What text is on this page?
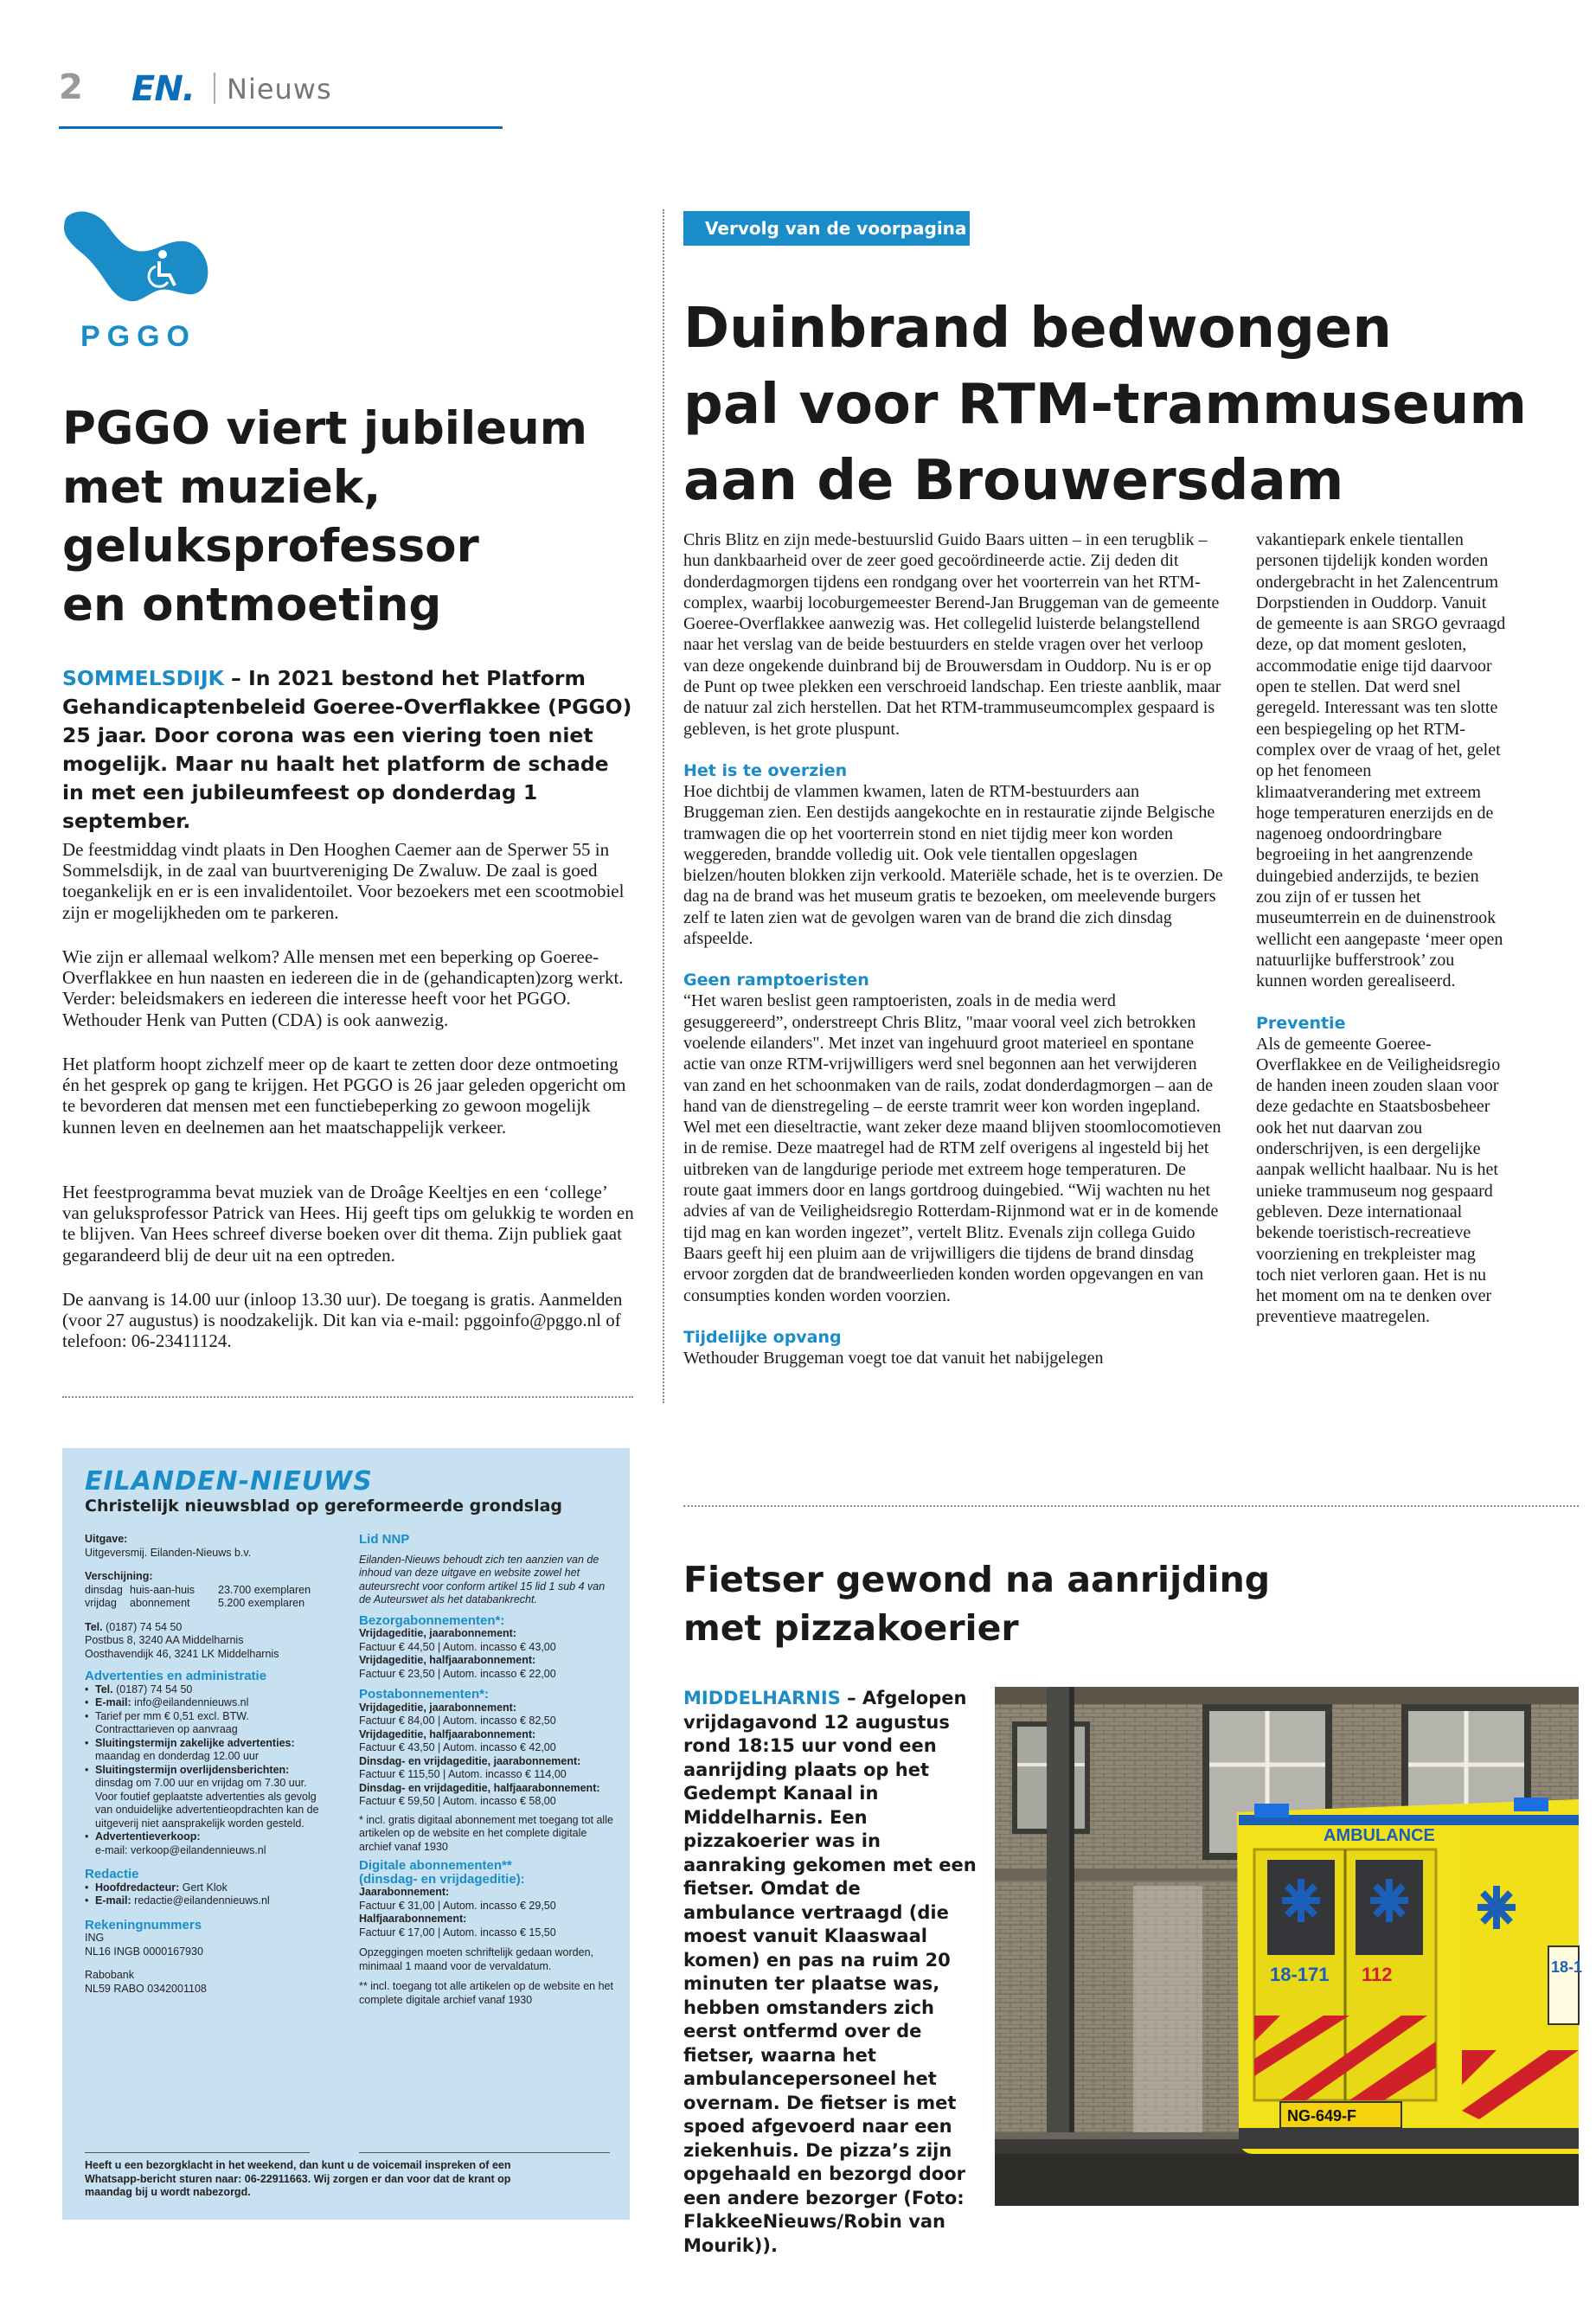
2 EN. Nieuws
PGGO
PGGO viert jubileum
met muziek,
geluksprofessor
en ontmoeting
SOMMELSDIJK – In 2021 bestond het Platform Gehandicaptenbeleid Goeree-Overflakkee (PGGO) 25 jaar. Door corona was een viering toen niet mogelijk. Maar nu haalt het platform de schade in met een jubileumfeest op donderdag 1 september.
De feestmiddag vindt plaats in Den Hooghen Caemer aan de Sperwer 55 in Sommelsdijk, in de zaal van buurtvereniging De Zwaluw. De zaal is goed toegankelijk en er is een invalidentoilet. Voor bezoekers met een scootmobiel zijn er mogelijkheden om te parkeren.
Wie zijn er allemaal welkom? Alle mensen met een beperking op Goeree-Overflakkee en hun naasten en iedereen die in de (gehandicapten)zorg werkt. Verder: beleidsmakers en iedereen die interesse heeft voor het PGGO. Wethouder Henk van Putten (CDA) is ook aanwezig.
Het platform hoopt zichzelf meer op de kaart te zetten door deze ontmoeting én het gesprek op gang te krijgen. Het PGGO is 26 jaar geleden opgericht om te bevorderen dat mensen met een functiebeperking zo gewoon mogelijk kunnen leven en deelnemen aan het maatschappelijk verkeer.
Het feestprogramma bevat muziek van de Droâge Keeltjes en een ‘college’ van geluksprofessor Patrick van Hees. Hij geeft tips om gelukkig te worden en te blijven. Van Hees schreef diverse boeken over dit thema. Zijn publiek gaat gegarandeerd blij de deur uit na een optreden.
De aanvang is 14.00 uur (inloop 13.30 uur). De toegang is gratis. Aanmelden (voor 27 augustus) is noodzakelijk. Dit kan via e-mail: pggoinfo@pggo.nl of telefoon: 06-23411124.
EILANDEN-NIEUWS
Christelijk nieuwsblad op gereformeerde grondslag
Uitgave:
Uitgeversmij. Eilanden-Nieuws b.v.
Verschijning:
dinsdag huis-aan-huis	23.700 exemplaren
vrijdag	abonnement	5.200 exemplaren
Tel. (0187) 74 54 50
Postbus 8, 3240 AA Middelharnis
Oosthavendijk 46, 3241 LK Middelharnis
Advertenties en administratie
• Tel. (0187) 74 54 50
• E-mail: info@eilandennieuws.nl
• Tarief per mm € 0,51 excl. BTW.
Contracttarieven op aanvraag
• Sluitingstermijn zakelijke advertenties:
maandag en donderdag 12.00 uur
• Sluitingstermijn overlijdensberichten:
dinsdag om 7.00 uur en vrijdag om 7.30 uur.
Voor foutief geplaatste advertenties als gevolg
van onduidelijke advertentieopdrachten kan de
uitgeverij niet aansprakelijk worden gesteld.
• Advertentieverkoop:
e-mail: verkoop@eilandennieuws.nl
Redactie
• Hoofdredacteur: Gert Klok
• E-mail: redactie@eilandennieuws.nl
Rekeningnummers
ING
NL16 INGB 0000167930
Rabobank
NL59 RABO 0342001108
Lid NNP
Eilanden-Nieuws behoudt zich ten aanzien van de inhoud van deze uitgave en website zowel het auteursrecht voor conform artikel 15 lid 1 sub 4 van de Auteurswet als het databankrecht.
Bezorgabonnementen*:
Vrijdageditie, jaarabonnement:
Factuur € 44,50 | Autom. incasso € 43,00
Vrijdageditie, halfjaarabonnement:
Factuur € 23,50 | Autom. incasso € 22,00
Postabonnementen*:
Vrijdageditie, jaarabonnement:
Factuur € 84,00 | Autom. incasso € 82,50
Vrijdageditie, halfjaarabonnement:
Factuur € 43,50 | Autom. incasso € 42,00
Dinsdag- en vrijdageditie, jaarabonnement:
Factuur € 115,50 | Autom. incasso € 114,00
Dinsdag- en vrijdageditie, halfjaarabonnement:
Factuur € 59,50 | Autom. incasso € 58,00
* incl. gratis digitaal abonnement met toegang tot alle artikelen op de website en het complete digitale archief vanaf 1930
Digitale abonnementen**
(dinsdag- en vrijdageditie):
Jaarabonnement:
Factuur € 31,00 | Autom. incasso € 29,50
Halfjaarabonnement:
Factuur € 17,00 | Autom. incasso € 15,50
Opzeggingen moeten schriftelijk gedaan worden, minimaal 1 maand voor de vervaldatum.
** incl. toegang tot alle artikelen op de website en het complete digitale archief vanaf 1930
Heeft u een bezorgklacht in het weekend, dan kunt u de voicemail inspreken of een Whatsapp-bericht sturen naar: 06-22911663. Wij zorgen er dan voor dat de krant op maandag bij u wordt nabezorgd.
Vervolg van de voorpagina
Duinbrand bedwongen
pal voor RTM-trammuseum
aan de Brouwersdam
Chris Blitz en zijn mede-bestuurslid Guido Baars uitten – in een terugblik – hun dankbaarheid over de zeer goed gecoördineerde actie. Zij deden dit donderdagmorgen tijdens een rondgang over het voorterrein van het RTM-complex, waarbij locoburgemeester Berend-Jan Bruggeman van de gemeente Goeree-Overflakkee aanwezig was. Het collegelid luisterde belangstellend naar het verslag van de beide bestuurders en stelde vragen over het verloop van deze ongekende duinbrand bij de Brouwersdam in Ouddorp. Nu is er op de Punt op twee plekken een verschroeid landschap. Een trieste aanblik, maar de natuur zal zich herstellen. Dat het RTM-trammuseumcomplex gespaard is gebleven, is het grote pluspunt.
Het is te overzien
Hoe dichtbij de vlammen kwamen, laten de RTM-bestuurders aan Bruggeman zien. Een destijds aangekochte en in restauratie zijnde Belgische tramwagen die op het voorterrein stond en niet tijdig meer kon worden weggereden, brandde volledig uit. Ook vele tientallen opgeslagen bielzen/houten blokken zijn verkoold. Materiële schade, het is te overzien. De dag na de brand was het museum gratis te bezoeken, om meelevende burgers zelf te laten zien wat de gevolgen waren van de brand die zich dinsdag afspeelde.
Geen ramptoeristen
“Het waren beslist geen ramptoeristen, zoals in de media werd gesuggereerd”, onderstreept Chris Blitz, "maar vooral veel zich betrokken voelende eilanders". Met inzet van ingehuurd groot materieel en spontane actie van onze RTM-vrijwilligers werd snel begonnen aan het verwijderen van zand en het schoonmaken van de rails, zodat donderdagmorgen – aan de hand van de dienstregeling – de eerste tramrit weer kon worden ingepland. Wel met een dieseltractie, want zeker deze maand blijven stoomlocomotieven in de remise. Deze maatregel had de RTM zelf overigens al ingesteld bij het uitbreken van de langdurige periode met extreem hoge temperaturen. De route gaat immers door en langs gortdroog duingebied. “Wij wachten nu het advies af van de Veiligheidsregio Rotterdam-Rijnmond wat er in de komende tijd mag en kan worden ingezet”, vertelt Blitz. Evenals zijn collega Guido Baars geeft hij een pluim aan de vrijwilligers die tijdens de brand dinsdag ervoor zorgden dat de brandweerlieden konden worden opgevangen en van consumpties konden worden voorzien.
Tijdelijke opvang
Wethouder Bruggeman voegt toe dat vanuit het nabijgelegen
vakantiepark enkele tientallen personen tijdelijk konden worden ondergebracht in het Zalencentrum Dorpstienden in Ouddorp. Vanuit de gemeente is aan SRGO gevraagd deze, op dat moment gesloten, accommodatie enige tijd daarvoor open te stellen. Dat werd snel geregeld. Interessant was ten slotte een bespiegeling op het RTM-complex over de vraag of het, gelet op het fenomeen klimaatverandering met extreem hoge temperaturen enerzijds en de nagenoeg ondoordringbare begroeiing in het aangrenzende duingebied anderzijds, te bezien zou zijn of er tussen het museumterrein en de duinenstrook wellicht een aangepaste ‘meer open natuurlijke bufferstrook’ zou kunnen worden gerealiseerd.
Preventie
Als de gemeente Goeree-Overflakkee en de Veiligheidsregio de handen ineen zouden slaan voor deze gedachte en Staatsbosbeheer ook het nut daarvan zou onderschrijven, is een dergelijke aanpak wellicht haalbaar. Nu is het unieke trammuseum nog gespaard gebleven. Deze internationaal bekende toeristisch-recreatieve voorziening en trekpleister mag toch niet verloren gaan. Het is nu het moment om na te denken over preventieve maatregelen.
Fietser gewond na aanrijding
met pizzakoerier
MIDDELHARNIS – Afgelopen vrijdagavond 12 augustus rond 18:15 uur vond een aanrijding plaats op het Gedempt Kanaal in Middelharnis. Een pizzakoerier was in aanraking gekomen met een fietser. Omdat de ambulance vertraagd (die moest vanuit Klaaswaal komen) en pas na ruim 20 minuten ter plaatse was, hebben omstanders zich eerst ontfermd over de fietser, waarna het ambulancepersoneel het overnam. De fietser is met spoed afgevoerd naar een ziekenhuis. De pizza’s zijn opgehaald en bezorgd door een andere bezorger (Foto: FlakkeeNieuws/Robin van Mourik)).
AMBULANCE
18-171 112	18-1
NG-649-F
